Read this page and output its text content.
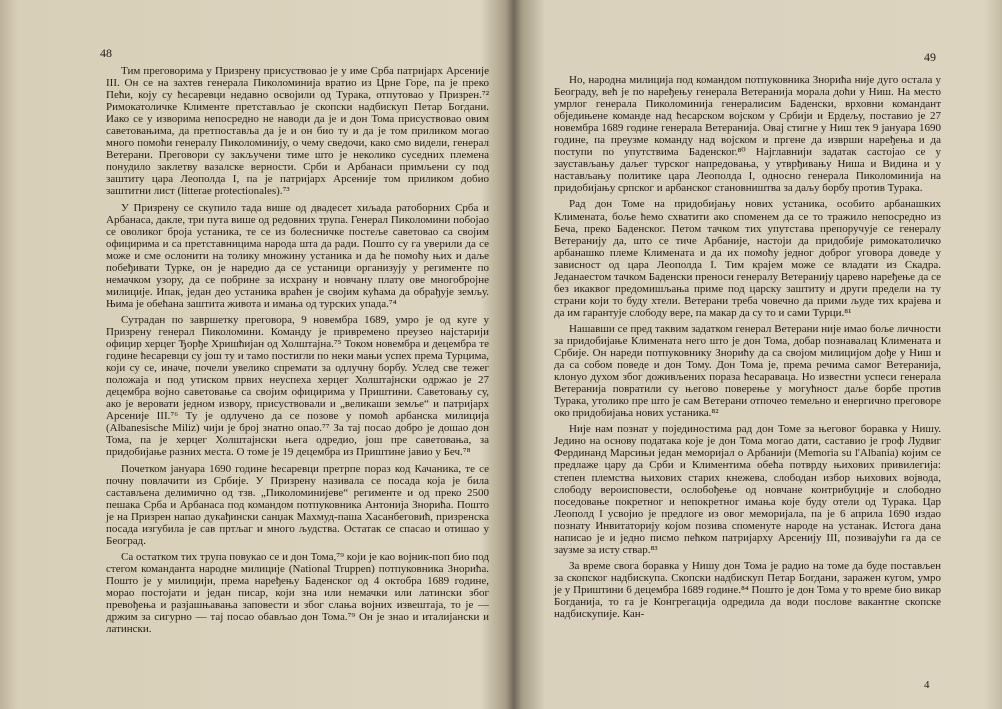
48

Тим преговорима у Призрену присуствовао је у име Срба патријарх Арсеније III. Он се на захтев генерала Пиколоминија вратио из Црне Горе, па је преко Пећи, коју су ћесаревци недавно освојили од Турака, отпутовао у Призрен.⁷² Римокатоличке Клименте претстављао је скопски надбискуп Петар Богдани. Иако се у изворима непосредно не наводи да је и дон Тома присуствовао овим саветовањима, да претпоставља да је и он био ту и да је том приликом могао много помоћи генералу Пиколоминију, о чему сведочи, како смо видели, генерал Ветерани. Преговори су закључени тиме што је неколико суседних племена понудило заклетву вазалске верности. Срби и Арбанаси примљени су под заштиту цара Леополда I, па је патријарх Арсеније том приликом добио заштитни лист (litterae protectionales).⁷³

У Призрену се скупило тада више од двадесет хиљада ратоборних Срба и Арбанаса, дакле, три пута више од редовних трупа. Генерал Пиколомини побојао се оволиког броја устаника, те се из болесничке постеље саветовао са својим официрима и са претставницима народа шта да ради. Пошто су га уверили да се може и сме ослонити на толику множину устаника и да ће помоћу њих и даље побеђивати Турке, он је наредио да се устаници организују у регименте по немачком узору, да се побрине за исхрану и новчану плату ове многобројне милиције. Ипак, један део устаника враћен је својим кућама да обрађује земљу. Њима је обећана заштита живота и имања од турских упада.⁷⁴

Сутрадан по завршетку преговора, 9 новембра 1689, умро је од куге у Призрену генерал Пиколомини. Команду је привремено преузео најстарији официр херцег Ђорђе Хришћијан од Холштајна.⁷⁵ Током новембра и децембра те године ћесаревци су још ту и тамо постигли по неки мањи успех према Турцима, који су се, иначе, почели увелико спремати за одлучну борбу. Услед све тежег положаја и под утиском првих неуспеха херцег Холштајнски одржао је 27 децембра војно саветовање са својим официрима у Приштини. Саветовању су, ако је веровати једном извору, присуствовали и „великаши земље“ и патријарх Арсеније III.⁷⁶ Ту је одлучено да се позове у помоћ арбанска милиција (Albanesische Miliz) чији је број знатно опао.⁷⁷ За тај посао добро је дошао дон Тома, па је херцег Холштајнски њега одредио, још пре саветовања, за придобијање разних места. О томе је 19 децембра из Приштине јавио у Беч.⁷⁸

Почетком јануара 1690 године ћесаревци претрпе пораз код Качаника, те се почну повлачити из Србије. У Призрену називала се посада која је била састављена делимично од тзв. „Пиколоминијеве“ регименте и од преко 2500 пешака Срба и Арбанаса под командом потпуковника Антонија Знорића. Пошто је на Призрен напао дукађински санџак Махмуд-паша Хасанбеговић, призренска посада изгубила је сав пртљаг и много људства. Остатак се спасао и отишао у Београд.

Са остатком тих трупа повукао се и дон Тома,⁷⁹ који је као војник-поп био под стегом команданта народне милиције (National Truppen) потпуковника Знорића. Пошто је у милицији, према наређењу Баденског од 4 октобра 1689 године, морао постојати и један писар, који зна или немачки или латински због превођења и разјашњавања заповести и због слања војних извештаја, то је — држим за сигурно — тај посао обављао дон Тома.⁷⁹ Он је знао и италијански и латински.

49

Но, народна милиција под командом потпуковника Знорића није дуго остала у Београду, већ је по наређењу генерала Ветеранија морала доћи у Ниш. На место умрлог генерала Пиколоминија генералисим Баденски, врховни командант обједињене команде над ћесарском војском у Србији и Ердељу, поставио је 27 новембра 1689 године генерала Ветеранија. Овај стигне у Ниш тек 9 јануара 1690 године, па преузме команду над војском и пргене да изврши наређења и да поступи по упутствима Баденског.⁸⁰ Најглавнији задатак састојао се у заустављању даљег турског напредовања, у утврђивању Ниша и Видина и у настављању политике цара Леополда I, односно генерала Пиколоминија на придобијању српског и арбанског становништва за даљу борбу против Турака.

Рад дон Томе на придобијању нових устаника, особито арбанашких Климената, боље ћемо схватити ако споменем да се то тражило непосредно из Беча, преко Баденског. Петом тачком тих упутстава препоручује се генералу Ветеранију да, што се тиче Арбаније, настоји да придобије римокатоличко арбанашко племе Климената и да их помоћу једног доброг уговора доведе у зависност од цара Леополда I. Тим крајем може се владати из Скадра. Једанаестом тачком Баденски преноси генералу Ветеранију царево наређење да се без икаквог предомишљања приме под царску заштиту и други предели на ту страни који то буду хтели. Ветерани треба човечно да прими људе тих крајева и да им гарантује слободу вере, па макар да су то и сами Турци.⁸¹

Нашавши се пред таквим задатком генерал Ветерани није имао боље личности за придобијање Климената него што је дон Тома, добар познавалац Климената и Србије. Он нареди потпуковнику Знорићу да са својом милицијом дође у Ниш и да са собом поведе и дон Тому. Дон Тома је, према речима самог Ветеранија, клонуо духом због доживљених пораза ћесараваца. Но известни успеси генерала Ветеранија повратили су његово поверење у могућност даље борбе против Турака, утолико пре што је сам Ветерани отпочео темељно и енергично преговоре око придобијања нових устаника.⁸²

Није нам познат у појединостима рад дон Томе за његовог боравка у Нишу. Једино на основу података које је дон Тома могао дати, саставио је гроф Лудвиг Фердинанд Марсињи један меморијал о Арбанији (Memoria su l'Albania) којим се предлаже цару да Срби и Климентима обећа потврду њихових привилегија: степен племства њихових старих кнежева, слободан избор њихових војвода, слободу вероисповести, ослобођење од новчане контрибуције и слободно поседовање покретног и непокретног имања које буду отели од Турака. Цар Леополд I усвојио је предлоге из овог меморијала, па је 6 априла 1690 издао познату Инвитаторију којом позива споменуте народе на устанак. Истога дана написао је и једно писмо пећком патријарху Арсенију III, позивајући га да се заузме за исту ствар.⁸³

За време свога боравка у Нишу дон Тома је радио на томе да буде постављен за скопског надбискупа. Скопски надбискуп Петар Богдани, заражен кугом, умро је у Приштини 6 децембра 1689 године.⁸⁴ Пошто је дон Тома у то време био викар Богданија, то га је Конгрегација одредила да води послове вакантне скопске надбискупије. Кан-

4
